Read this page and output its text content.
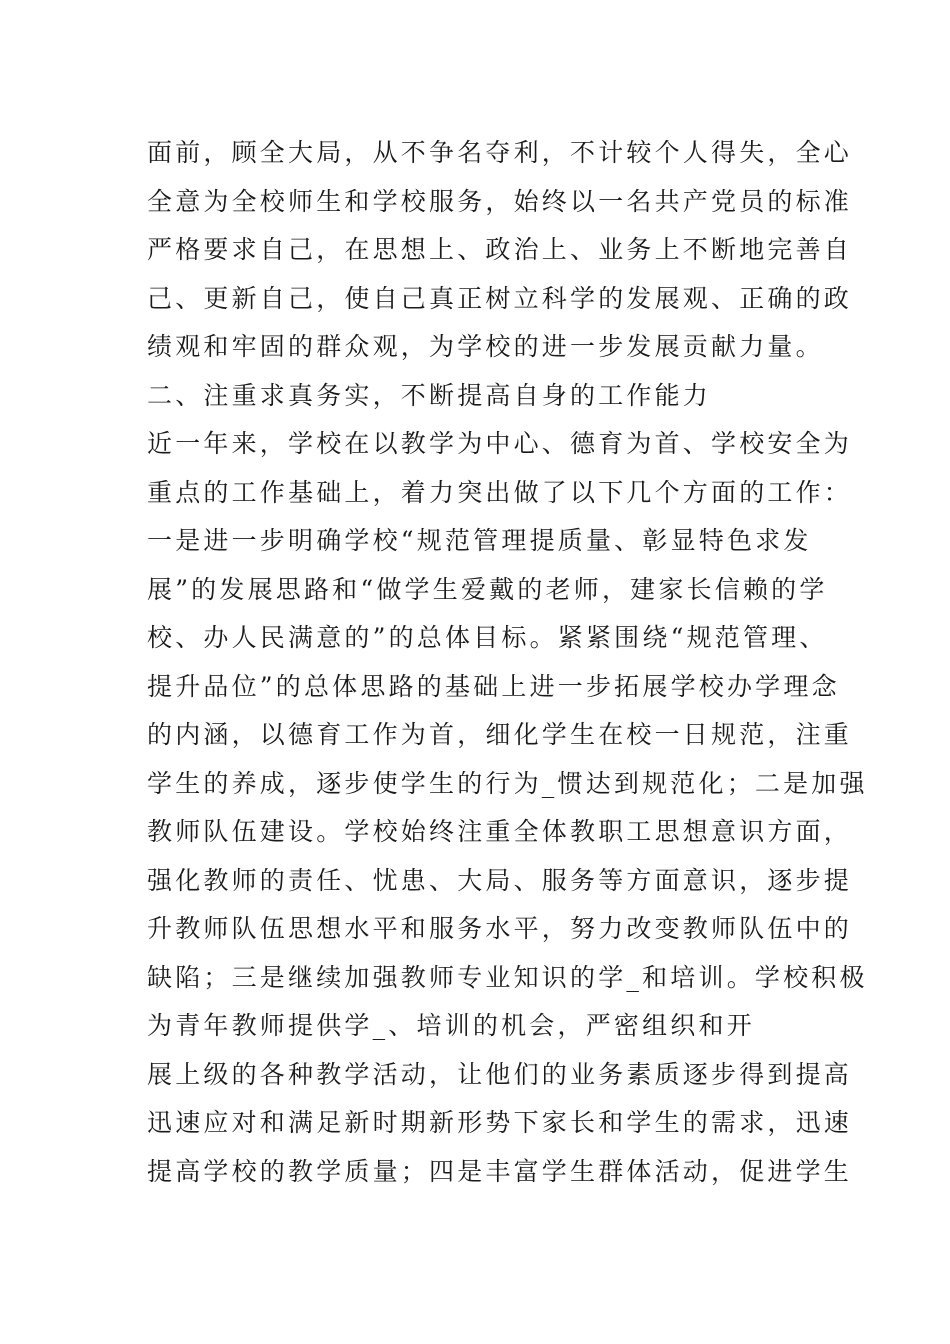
面前，顾全大局，从不争名夺利，不计较个人得失，全心
全意为全校师生和学校服务，始终以一名共产党员的标准
严格要求自己，在思想上、政治上、业务上不断地完善自
己、更新自己，使自己真正树立科学的发展观、正确的政
绩观和牢固的群众观，为学校的进一步发展贡献力量。
二、注重求真务实，不断提高自身的工作能力
近一年来，学校在以教学为中心、德育为首、学校安全为
重点的工作基础上，着力突出做了以下几个方面的工作：
一是进一步明确学校“规范管理提质量、彰显特色求发
展”的发展思路和“做学生爱戴的老师，建家长信赖的学
校、办人民满意的”的总体目标。紧紧围绕“规范管理、
提升品位”的总体思路的基础上进一步拓展学校办学理念
的内涵，以德育工作为首，细化学生在校一日规范，注重
学生的养成，逐步使学生的行为_惯达到规范化；二是加强
教师队伍建设。学校始终注重全体教职工思想意识方面，
强化教师的责任、忧患、大局、服务等方面意识，逐步提
升教师队伍思想水平和服务水平，努力改变教师队伍中的
缺陷；三是继续加强教师专业知识的学_和培训。学校积极
为青年教师提供学_、培训的机会，严密组织和开
展上级的各种教学活动，让他们的业务素质逐步得到提高
迅速应对和满足新时期新形势下家长和学生的需求，迅速
提高学校的教学质量；四是丰富学生群体活动，促进学生
